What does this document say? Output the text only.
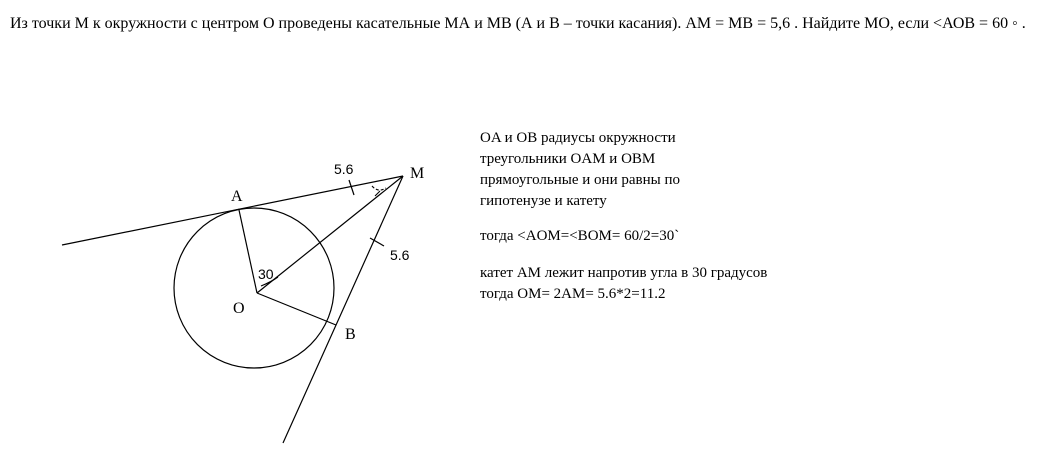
Из точки М к окружности с центром О проведены касательные МА и МВ (А и В – точки касания). АМ = МВ = 5,6 . Найдите МО, если <АОВ = 60 ◦ .

M
A
O
B
5.6
5.6
30

OA и OB радиусы окружности

треугольники OAM и OBM

прямоугольные и они равны по

гипотенузе и катету

тогда <AOM=<BOM= 60/2=30`

катет AM лежит напротив угла в 30 градусов

тогда OM= 2AM= 5.6*2=11.2
